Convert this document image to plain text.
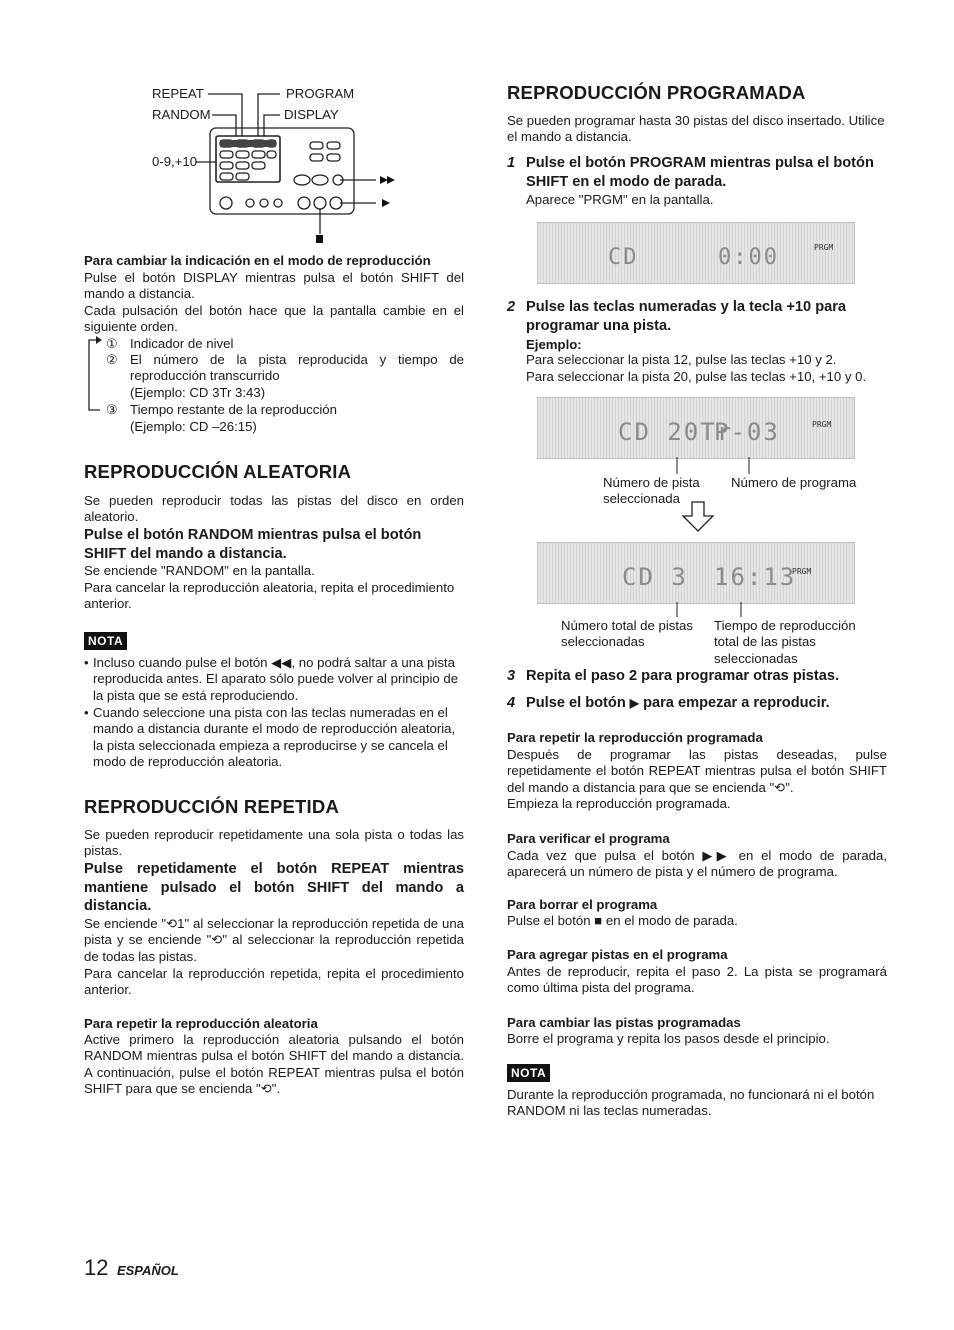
REPEAT	PROGRAM
RANDOM	DISPLAY
0-9,+10
Para cambiar la indicación en el modo de reproducción

Pulse el botón DISPLAY mientras pulsa el botón SHIFT del mando a distancia.

Cada pulsación del botón hace que la pantalla cambie en el siguiente orden.

① Indicador de nivel
② El número de la pista reproducida y tiempo de reproducción transcurrido

(Ejemplo: CD 3Tr 3:43)

③ Tiempo restante de la reproducción

(Ejemplo: CD –26:15)

REPRODUCCIÓN ALEATORIA

Se pueden reproducir todas las pistas del disco en orden aleatorio.

Pulse el botón RANDOM mientras pulsa el botón SHIFT del mando a distancia.

Se enciende "RANDOM" en la pantalla.

Para cancelar la reproducción aleatoria, repita el procedimiento anterior.

NOTA
• Incluso cuando pulse el botón ◀◀, no podrá saltar a una pista reproducida antes. El aparato sólo puede volver al principio de la pista que se está reproduciendo.

• Cuando seleccione una pista con las teclas numeradas en el mando a distancia durante el modo de reproducción aleatoria, la pista seleccionada empieza a reproducirse y se cancela el modo de reproducción aleatoria.

REPRODUCCIÓN REPETIDA

Se pueden reproducir repetidamente una sola pista o todas las pistas.

Pulse repetidamente el botón REPEAT mientras mantiene pulsado el botón SHIFT del mando a distancia.

Se enciende "⟲1" al seleccionar la reproducción repetida de una pista y se enciende "⟲" al seleccionar la reproducción repetida de todas las pistas.

Para cancelar la reproducción repetida, repita el procedimiento anterior.

Para repetir la reproducción aleatoria

Active primero la reproducción aleatoria pulsando el botón RANDOM mientras pulsa el botón SHIFT del mando a distancia. A continuación, pulse el botón REPEAT mientras pulsa el botón SHIFT para que se encienda "⟲".

REPRODUCCIÓN PROGRAMADA

Se pueden programar hasta 30 pistas del disco insertado. Utilice el mando a distancia.

1 Pulse el botón PROGRAM mientras pulsa el botón SHIFT en el modo de parada.

Aparece "PRGM" en la pantalla.

CD	0:00	PRGM
2 Pulse las teclas numeradas y la tecla +10 para programar una pista.
Ejemplo:

Para seleccionar la pista 12, pulse las teclas +10 y 2.

Para seleccionar la pista 20, pulse las teclas +10, +10 y 0.

CD 20Tr
P-03	PRGM

Número de pista seleccionada

Número de programa

CD 3 16:13
PRGM

Número total de pistas seleccionadas

Tiempo de reproducción total de las pistas seleccionadas

3 Repita el paso 2 para programar otras pistas.
4 Pulse el botón ▶ para empezar a reproducir.
Para repetir la reproducción programada

Después de programar las pistas deseadas, pulse repetidamente el botón REPEAT mientras pulsa el botón SHIFT del mando a distancia para que se encienda "⟲".

Empieza la reproducción programada.

Para verificar el programa

Cada vez que pulsa el botón ▶▶ en el modo de parada, aparecerá un número de pista y el número de programa.

Para borrar el programa

Pulse el botón ■ en el modo de parada.

Para agregar pistas en el programa

Antes de reproducir, repita el paso 2. La pista se programará como última pista del programa.

Para cambiar las pistas programadas

Borre el programa y repita los pasos desde el principio.

NOTA

Durante la reproducción programada, no funcionará ni el botón RANDOM ni las teclas numeradas.

12 ESPAÑOL
